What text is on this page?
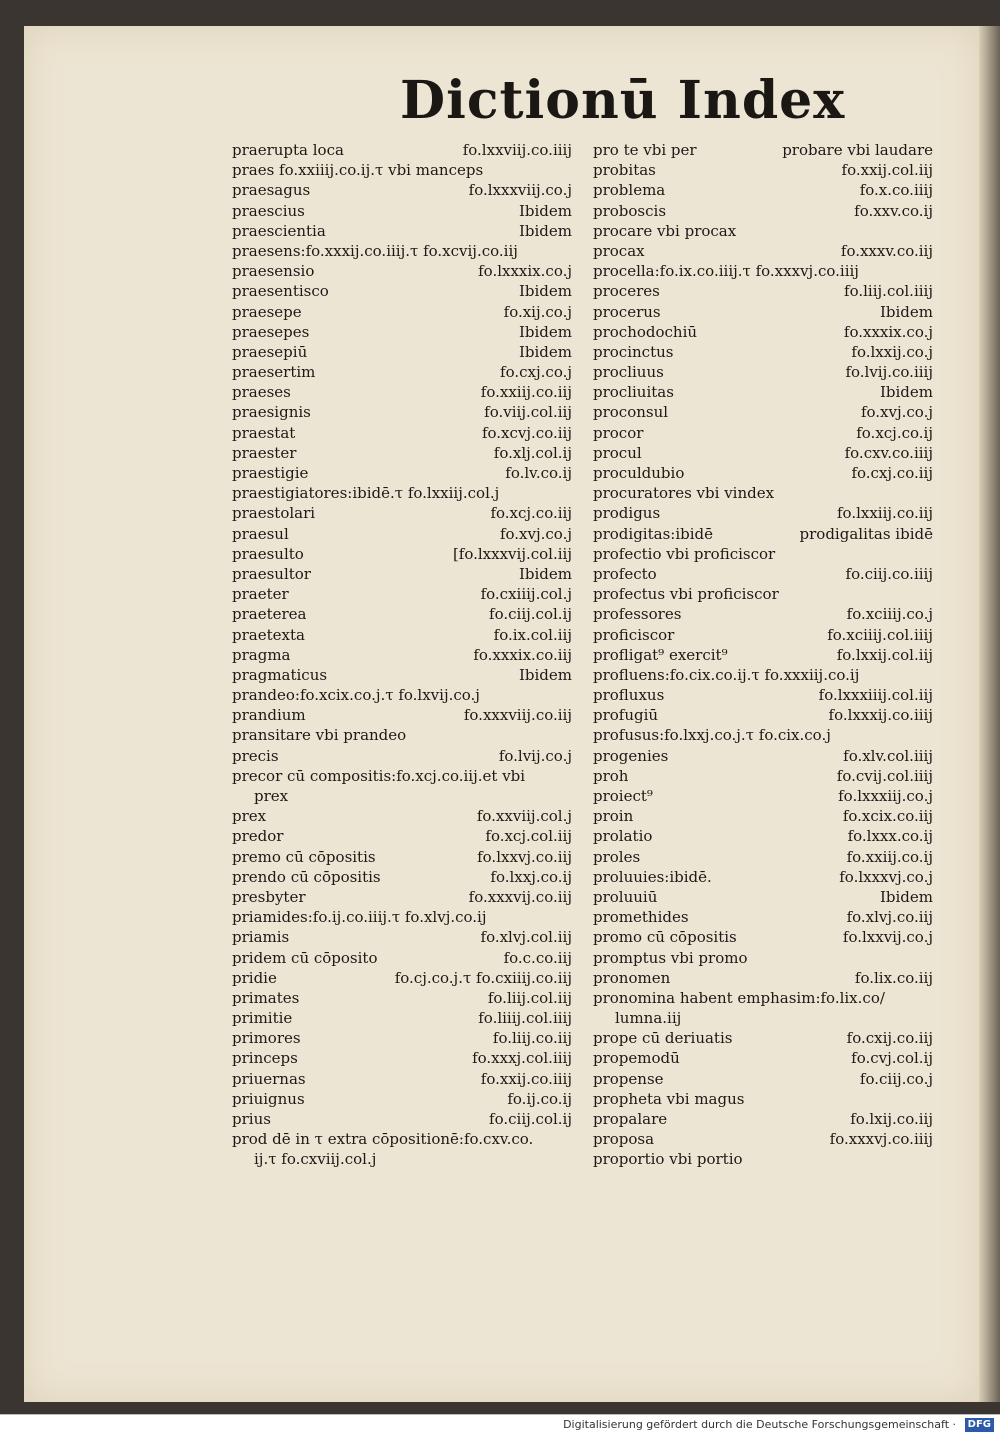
Dictionū Index
praerupta loca	fo.lxxviij.co.iiij
praes fo.xxiiij.co.ij.τ vbi manceps
praesagus	fo.lxxxviij.co.j
praescius	Ibidem
praescientia	Ibidem
praesens:fo.xxxij.co.iiij.τ fo.xcvij.co.iij
praesensio	fo.lxxxix.co.j
praesentisco	Ibidem
praesepe	fo.xij.co.j
praesepes	Ibidem
praesepiū	Ibidem
praesertim	fo.cxj.co.j
praeses	fo.xxiij.co.iij
praesignis	fo.viij.col.iij
praestat	fo.xcvj.co.iij
praester	fo.xlj.col.ij
praestigie	fo.lv.co.ij
praestigiatores:ibidē.τ fo.lxxiij.col.j
praestolari	fo.xcj.co.iij
praesul	fo.xvj.co.j
praesulto	[fo.lxxxvij.col.iij
praesultor	Ibidem
praeter	fo.cxiiij.col.j
praeterea	fo.ciij.col.ij
praetexta	fo.ix.col.iij
pragma	fo.xxxix.co.iij
pragmaticus	Ibidem
prandeo:fo.xcix.co.j.τ fo.lxvij.co.j
prandium	fo.xxxviij.co.iij
pransitare vbi prandeo
precis	fo.lvij.co.j
precor cū compositis:fo.xcj.co.iij.et vbi
prex
prex	fo.xxviij.col.j
predor	fo.xcj.col.iij
premo cū cōpositis	fo.lxxvj.co.iij
prendo cū cōpositis	fo.lxxj.co.ij
presbyter	fo.xxxvij.co.iij
priamides:fo.ij.co.iiij.τ fo.xlvj.co.ij
priamis	fo.xlvj.col.iij
pridem cū cōposito	fo.c.co.iij
pridie	fo.cj.co.j.τ fo.cxiiij.co.iij
primates	fo.liij.col.iij
primitie	fo.liiij.col.iiij
primores	fo.liij.co.iij
princeps	fo.xxxj.col.iiij
priuernas	fo.xxij.co.iiij
priuignus	fo.ij.co.ij
prius	fo.ciij.col.ij
prod dē in τ extra cōpositionē:fo.cxv.co.
ij.τ fo.cxviij.col.j
pro te vbi per	probare vbi laudare
probitas	fo.xxij.col.iij
problema	fo.x.co.iiij
proboscis	fo.xxv.co.ij
procare vbi procax
procax	fo.xxxv.co.iij
procella:fo.ix.co.iiij.τ fo.xxxvj.co.iiij
proceres	fo.liij.col.iiij
procerus	Ibidem
prochodochiū	fo.xxxix.co.j
procinctus	fo.lxxij.co.j
procliuus	fo.lvij.co.iiij
procliuitas	Ibidem
proconsul	fo.xvj.co.j
procor	fo.xcj.co.ij
procul	fo.cxv.co.iiij
proculdubio	fo.cxj.co.iij
procuratores vbi vindex
prodigus	fo.lxxiij.co.iij
prodigitas:ibidē	prodigalitas ibidē
profectio vbi proficiscor
profecto	fo.ciij.co.iiij
profectus vbi proficiscor
professores	fo.xciiij.co.j
proficiscor	fo.xciiij.col.iiij
profligat⁹ exercit⁹	fo.lxxij.col.iij
profluens:fo.cix.co.ij.τ fo.xxxiij.co.ij
profluxus	fo.lxxxiiij.col.iij
profugiū	fo.lxxxij.co.iiij
profusus:fo.lxxj.co.j.τ fo.cix.co.j
progenies	fo.xlv.col.iiij
proh	fo.cvij.col.iiij
proiect⁹	fo.lxxxiij.co.j
proin	fo.xcix.co.iij
prolatio	fo.lxxx.co.ij
proles	fo.xxiij.co.ij
proluuies:ibidē.	fo.lxxxvj.co.j
proluuiū	Ibidem
promethides	fo.xlvj.co.iij
promo cū cōpositis	fo.lxxvij.co.j
promptus vbi promo
pronomen	fo.lix.co.iij
pronomina habent emphasim:fo.lix.co/
lumna.iij
prope cū deriuatis	fo.cxij.co.iij
propemodū	fo.cvj.col.ij
propense	fo.ciij.co.j
propheta vbi magus
propalare	fo.lxij.co.iij
proposa	fo.xxxvj.co.iiij
proportio vbi portio
Digitalisierung gefördert durch die Deutsche Forschungsgemeinschaft ·	DFG
